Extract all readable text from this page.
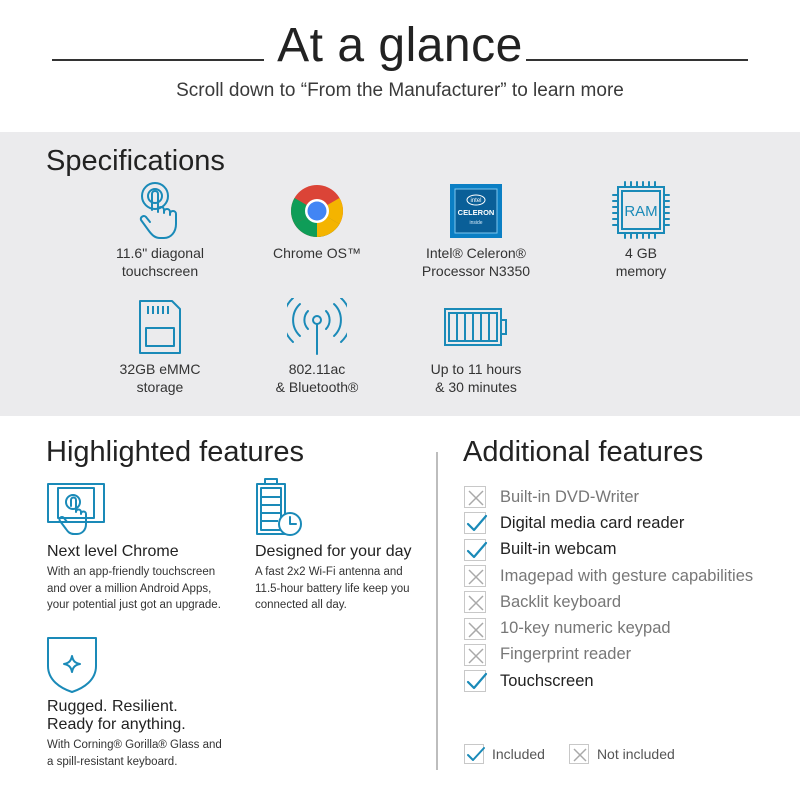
At a glance
Scroll down to “From the Manufacturer” to learn more
Specifications
11.6" diagonal
touchscreen
Chrome OS™
intel
CELERON
inside
Intel® Celeron®
Processor N3350
RAM
4 GB
memory
32GB eMMC
storage
802.11ac
& Bluetooth®
Up to 11 hours
& 30 minutes
Highlighted features
Next level Chrome
With an app-friendly touchscreen
and over a million Android Apps,
your potential just got an upgrade.
Designed for your day
A fast 2x2 Wi-Fi antenna and
11.5-hour battery life keep you
connected all day.
Rugged. Resilient.
Ready for anything.
With Corning® Gorilla® Glass and
a spill-resistant keyboard.
Additional features
Built-in DVD-Writer
Digital media card reader
Built-in webcam
Imagepad with gesture capabilities
Backlit keyboard
10-key numeric keypad
Fingerprint reader
Touchscreen
Included	Not included
